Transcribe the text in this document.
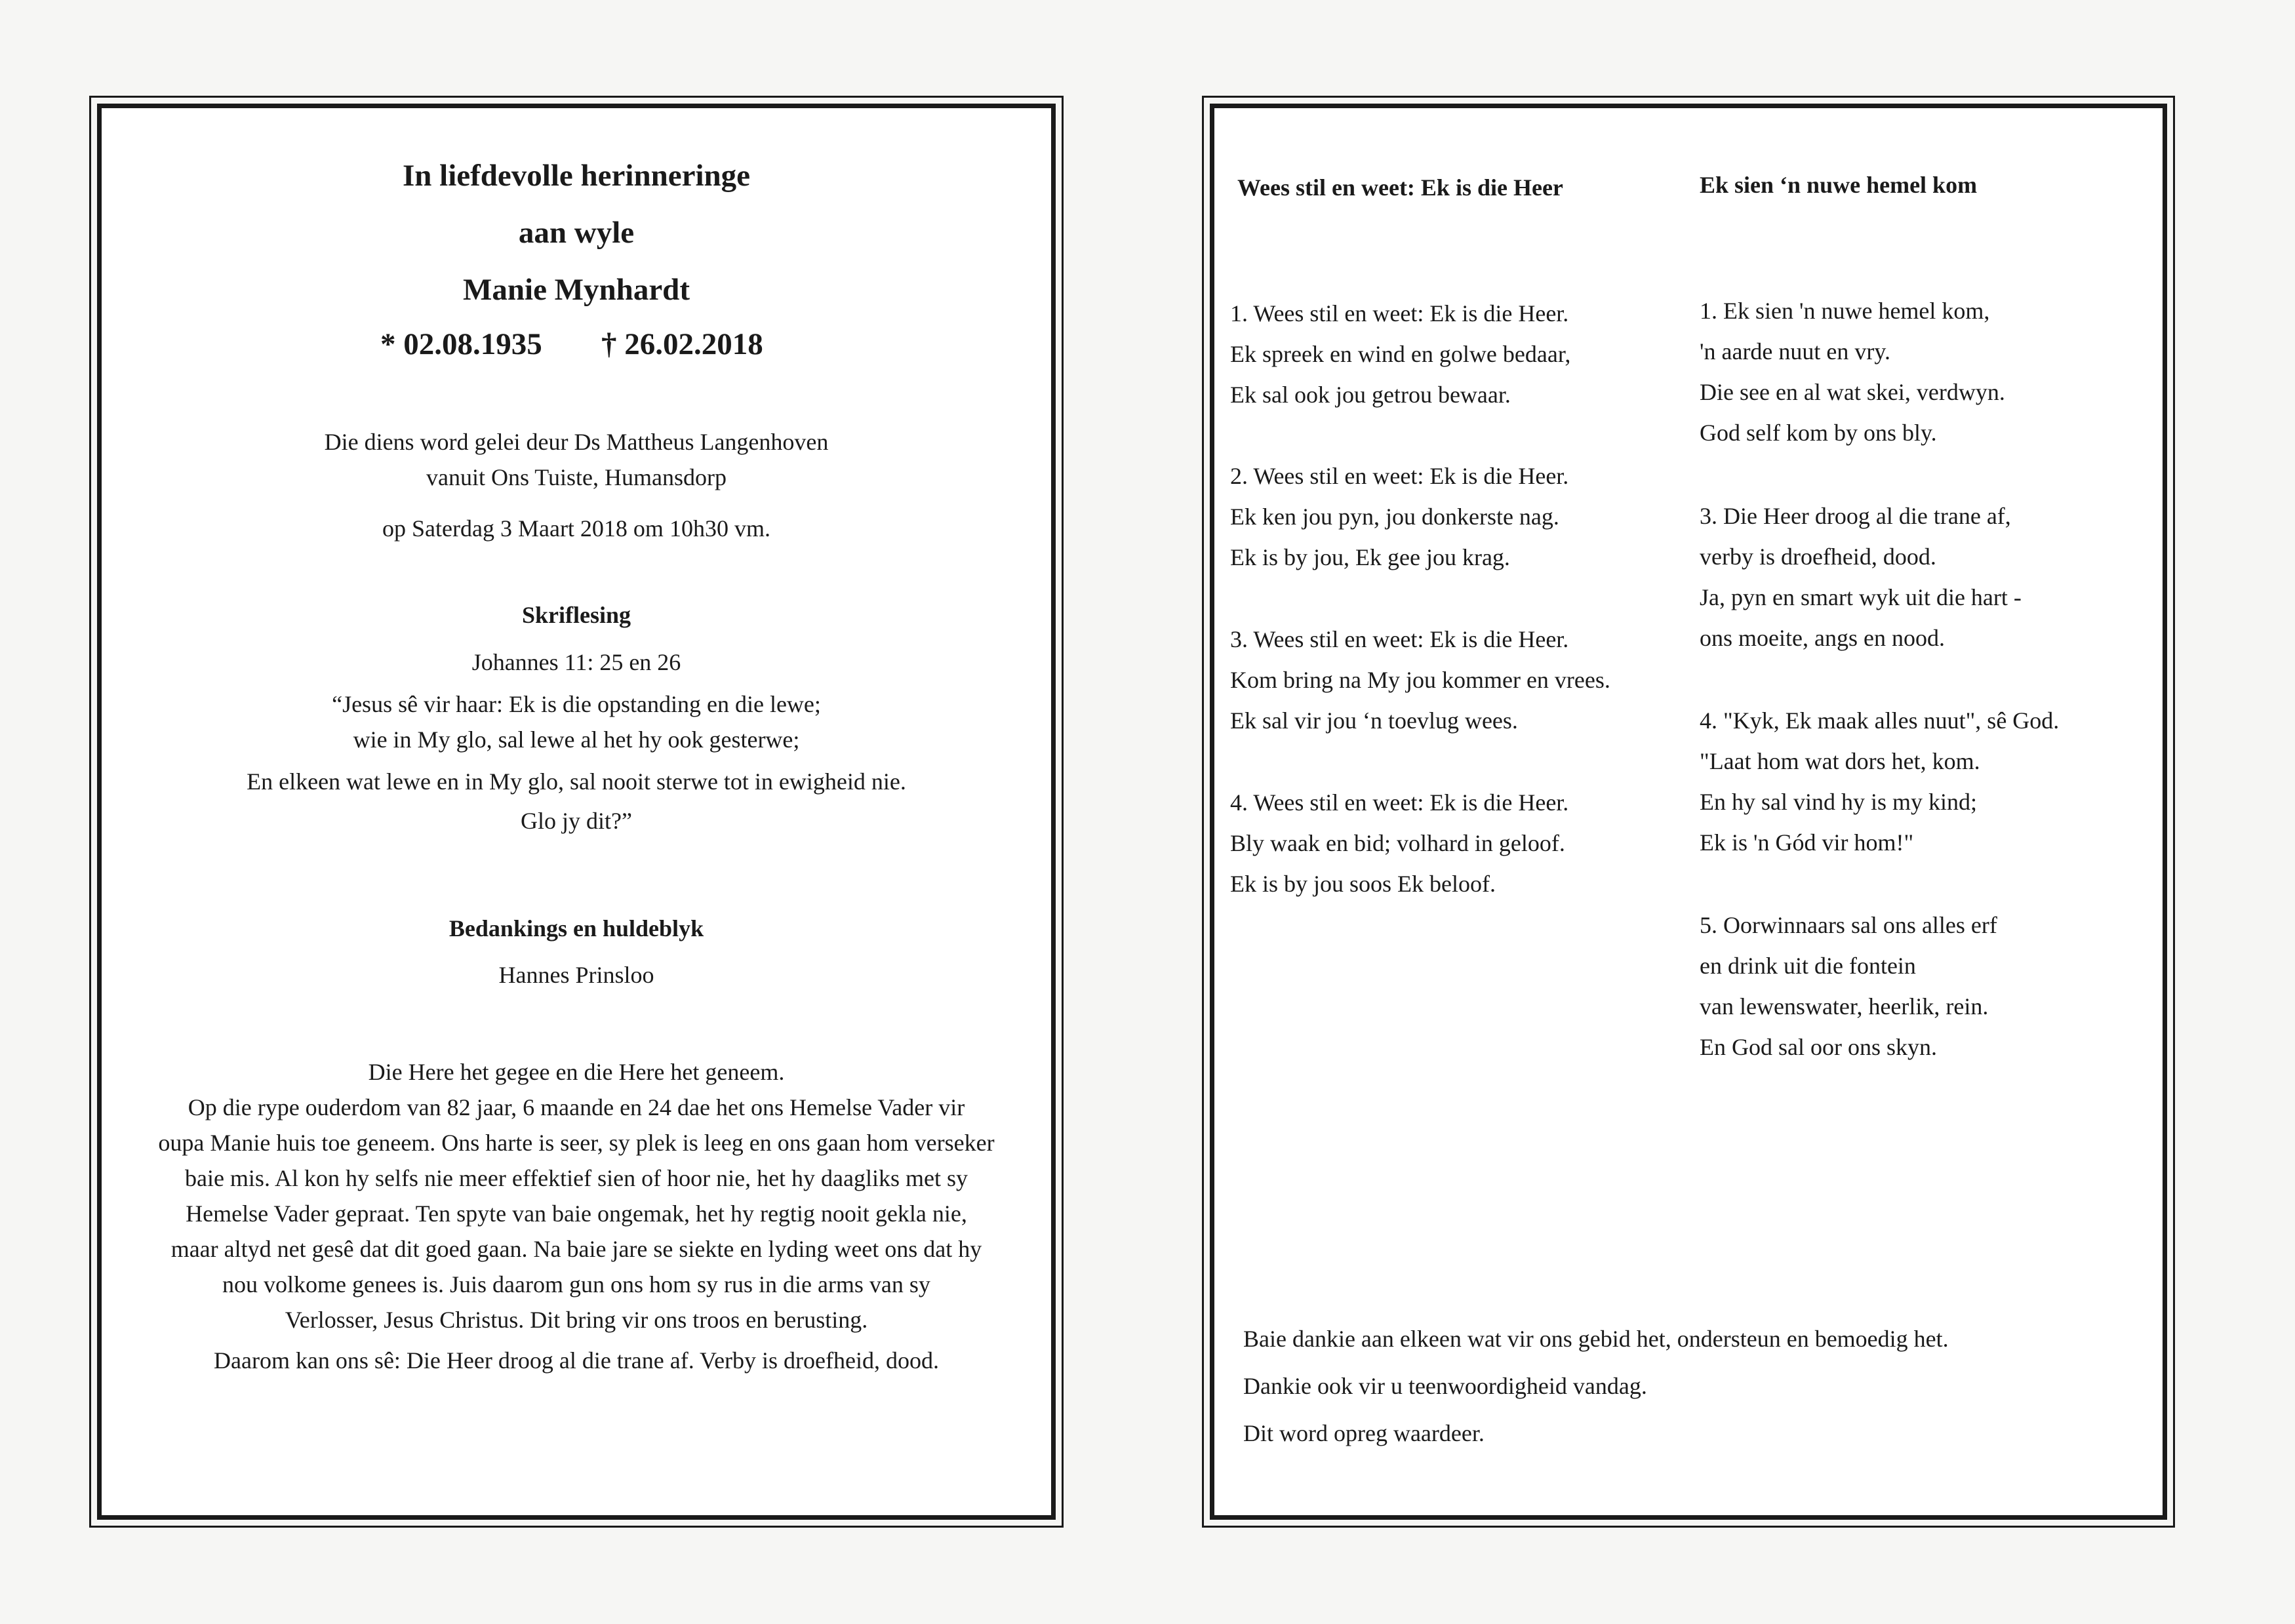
In liefdevolle herinneringe
aan wyle
Manie Mynhardt
* 02.08.1935 † 26.02.2018
Die diens word gelei deur Ds Mattheus Langenhoven
vanuit Ons Tuiste, Humansdorp
op Saterdag 3 Maart 2018 om 10h30 vm.
Skriflesing
Johannes 11: 25 en 26
“Jesus sê vir haar: Ek is die opstanding en die lewe;
wie in My glo, sal lewe al het hy ook gesterwe;
En elkeen wat lewe en in My glo, sal nooit sterwe tot in ewigheid nie.
Glo jy dit?”
Bedankings en huldeblyk
Hannes Prinsloo
Die Here het gegee en die Here het geneem.
Op die rype ouderdom van 82 jaar, 6 maande en 24 dae het ons Hemelse Vader vir
oupa Manie huis toe geneem. Ons harte is seer, sy plek is leeg en ons gaan hom verseker
baie mis. Al kon hy selfs nie meer effektief sien of hoor nie, het hy daagliks met sy
Hemelse Vader gepraat. Ten spyte van baie ongemak, het hy regtig nooit gekla nie,
maar altyd net gesê dat dit goed gaan. Na baie jare se siekte en lyding weet ons dat hy
nou volkome genees is. Juis daarom gun ons hom sy rus in die arms van sy
Verlosser, Jesus Christus. Dit bring vir ons troos en berusting.
Daarom kan ons sê: Die Heer droog al die trane af. Verby is droefheid, dood.
Wees stil en weet: Ek is die Heer
1. Wees stil en weet: Ek is die Heer.
Ek spreek en wind en golwe bedaar,
Ek sal ook jou getrou bewaar.
2. Wees stil en weet: Ek is die Heer.
Ek ken jou pyn, jou donkerste nag.
Ek is by jou, Ek gee jou krag.
3. Wees stil en weet: Ek is die Heer.
Kom bring na My jou kommer en vrees.
Ek sal vir jou ‘n toevlug wees.
4. Wees stil en weet: Ek is die Heer.
Bly waak en bid; volhard in geloof.
Ek is by jou soos Ek beloof.
Ek sien ‘n nuwe hemel kom
1. Ek sien 'n nuwe hemel kom,
'n aarde nuut en vry.
Die see en al wat skei, verdwyn.
God self kom by ons bly.
3. Die Heer droog al die trane af,
verby is droefheid, dood.
Ja, pyn en smart wyk uit die hart -
ons moeite, angs en nood.
4. "Kyk, Ek maak alles nuut", sê God.
"Laat hom wat dors het, kom.
En hy sal vind hy is my kind;
Ek is 'n Gód vir hom!"
5. Oorwinnaars sal ons alles erf
en drink uit die fontein
van lewenswater, heerlik, rein.
En God sal oor ons skyn.
Baie dankie aan elkeen wat vir ons gebid het, ondersteun en bemoedig het.
Dankie ook vir u teenwoordigheid vandag.
Dit word opreg waardeer.
